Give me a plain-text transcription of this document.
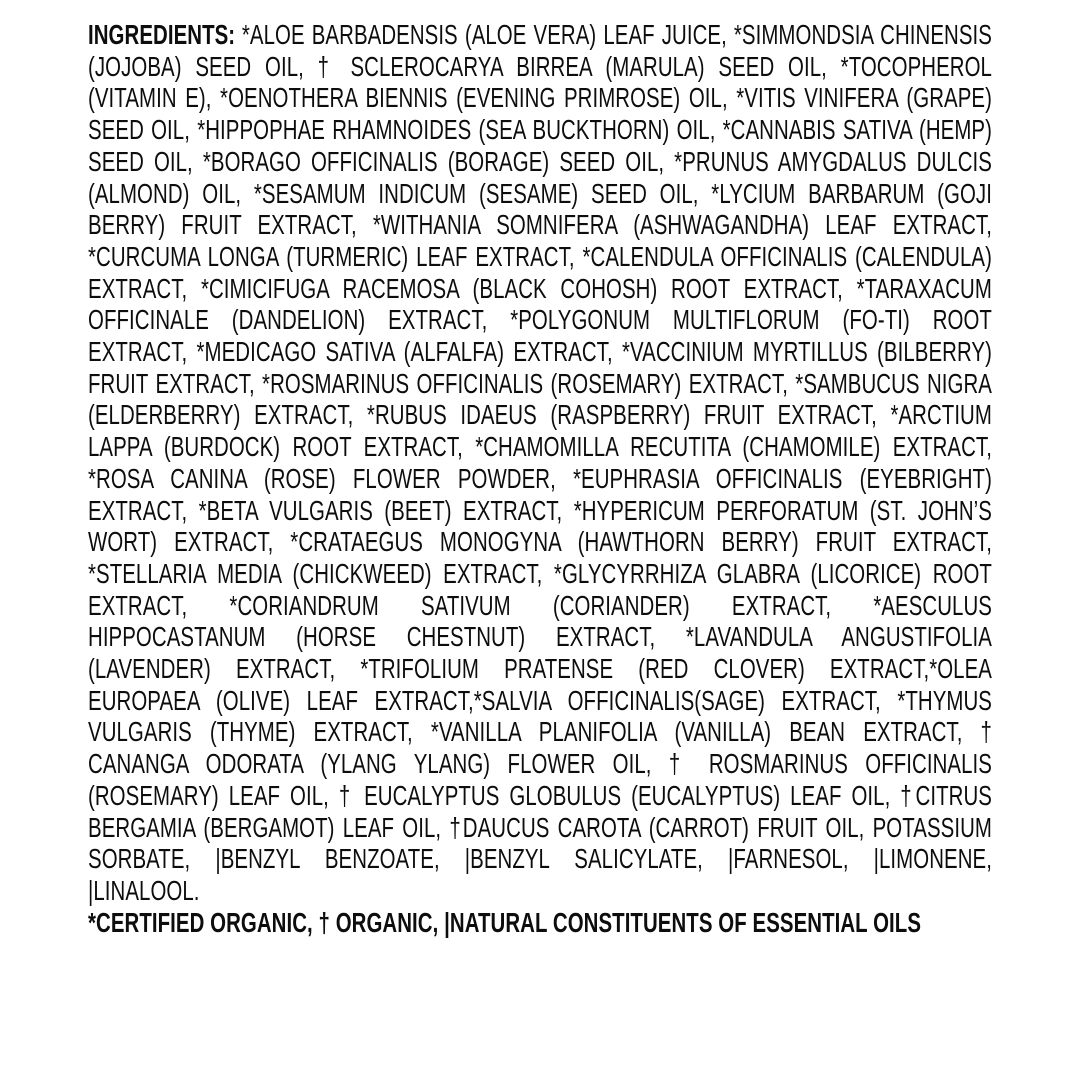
INGREDIENTS: *ALOE BARBADENSIS (ALOE VERA) LEAF JUICE, *SIMMONDSIA CHINENSIS (JOJOBA) SEED OIL, † SCLEROCARYA BIRREA (MARULA) SEED OIL, *TOCOPHEROL (VITAMIN E), *OENOTHERA BIENNIS (EVENING PRIMROSE) OIL, *VITIS VINIFERA (GRAPE) SEED OIL, *HIPPOPHAE RHAMNOIDES (SEA BUCKTHORN) OIL, *CANNABIS SATIVA (HEMP) SEED OIL, *BORAGO OFFICINALIS (BORAGE) SEED OIL, *PRUNUS AMYGDALUS DULCIS (ALMOND) OIL, *SESAMUM INDICUM (SESAME) SEED OIL, *LYCIUM BARBARUM (GOJI BERRY) FRUIT EXTRACT, *WITHANIA SOMNIFERA (ASHWAGANDHA) LEAF EXTRACT, *CURCUMA LONGA (TURMERIC) LEAF EXTRACT, *CALENDULA OFFICINALIS (CALENDULA) EXTRACT, *CIMICIFUGA RACEMOSA (BLACK COHOSH) ROOT EXTRACT, *TARAXACUM OFFICINALE (DANDELION) EXTRACT, *POLYGONUM MULTIFLORUM (FO-TI) ROOT EXTRACT, *MEDICAGO SATIVA (ALFALFA) EXTRACT, *VACCINIUM MYRTILLUS (BILBERRY) FRUIT EXTRACT, *ROSMARINUS OFFICINALIS (ROSEMARY) EXTRACT, *SAMBUCUS NIGRA (ELDERBERRY) EXTRACT, *RUBUS IDAEUS (RASPBERRY) FRUIT EXTRACT, *ARCTIUM LAPPA (BURDOCK) ROOT EXTRACT, *CHAMOMILLA RECUTITA (CHAMOMILE) EXTRACT, *ROSA CANINA (ROSE) FLOWER POWDER, *EUPHRASIA OFFICINALIS (EYEBRIGHT) EXTRACT, *BETA VULGARIS (BEET) EXTRACT, *HYPERICUM PERFORATUM (ST. JOHN’S WORT) EXTRACT, *CRATAEGUS MONOGYNA (HAWTHORN BERRY) FRUIT EXTRACT, *STELLARIA MEDIA (CHICKWEED) EXTRACT, *GLYCYRRHIZA GLABRA (LICORICE) ROOT EXTRACT, *CORIANDRUM SATIVUM (CORIANDER) EXTRACT, *AESCULUS HIPPOCASTANUM (HORSE CHESTNUT) EXTRACT, *LAVANDULA ANGUSTIFOLIA (LAVENDER) EXTRACT, *TRIFOLIUM PRATENSE (RED CLOVER) EXTRACT,*OLEA EUROPAEA (OLIVE) LEAF EXTRACT,*SALVIA OFFICINALIS(SAGE) EXTRACT, *THYMUS VULGARIS (THYME) EXTRACT, *VANILLA PLANIFOLIA (VANILLA) BEAN EXTRACT, † CANANGA ODORATA (YLANG YLANG) FLOWER OIL, † ROSMARINUS OFFICINALIS (ROSEMARY) LEAF OIL, † EUCALYPTUS GLOBULUS (EUCALYPTUS) LEAF OIL, †CITRUS BERGAMIA (BERGAMOT) LEAF OIL, †DAUCUS CAROTA (CARROT) FRUIT OIL, POTASSIUM SORBATE, |BENZYL BENZOATE, |BENZYL SALICYLATE, |FARNESOL, |LIMONENE, |LINALOOL.

*CERTIFIED ORGANIC, † ORGANIC, |NATURAL CONSTITUENTS OF ESSENTIAL OILS
